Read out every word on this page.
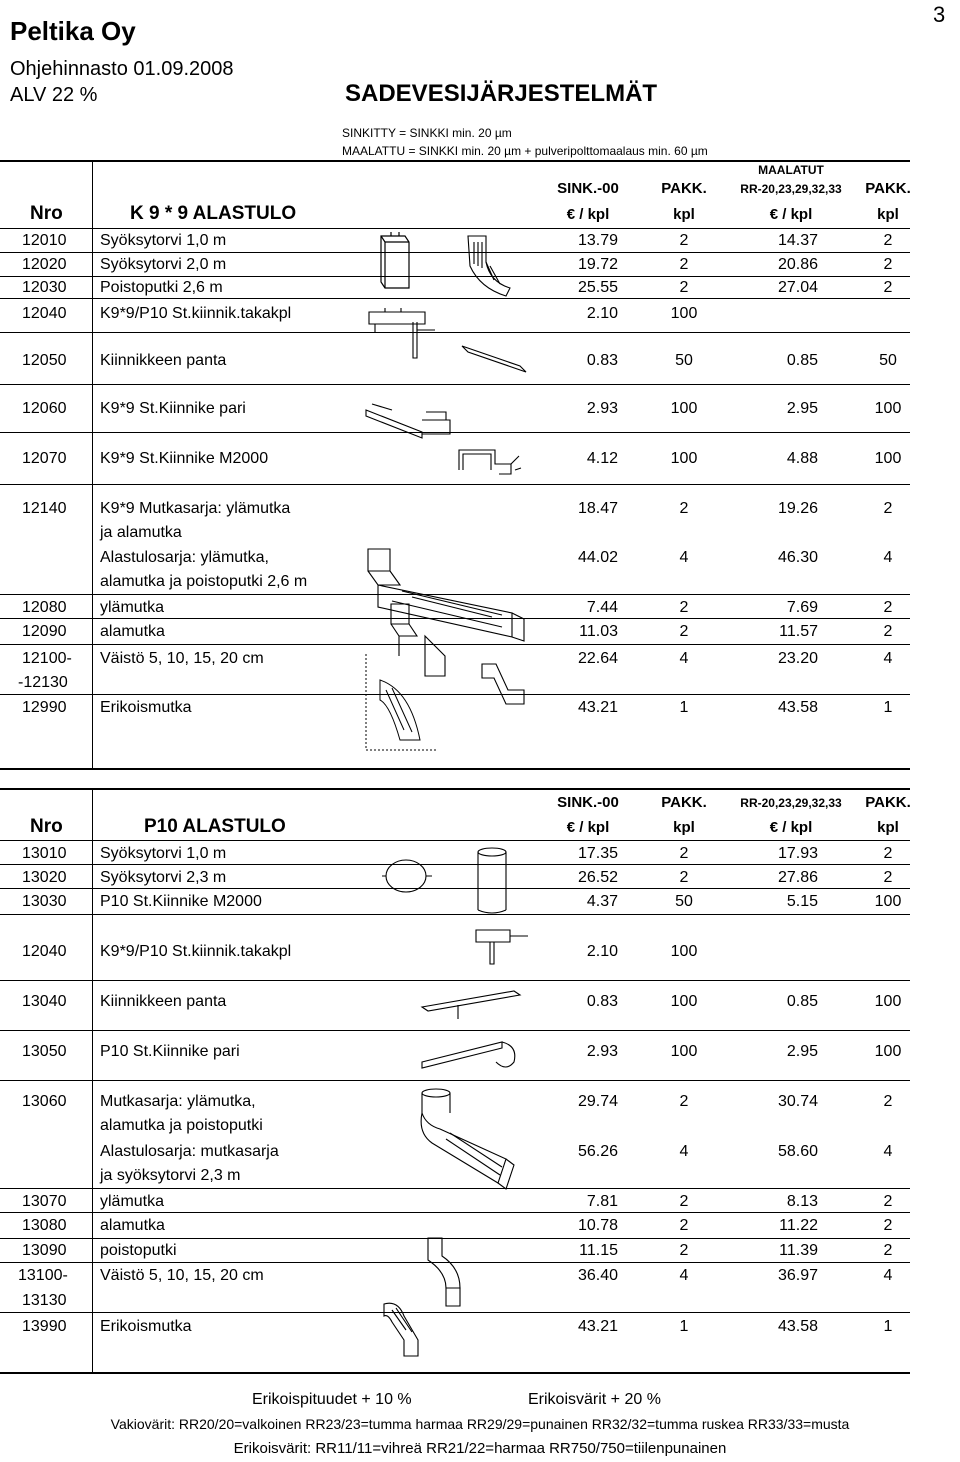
3
Peltika Oy
Ohjehinnasto 01.09.2008
ALV 22 %	SADEVESIJÄRJESTELMÄT
SINKITTY = SINKKI min. 20 µm
MAALATTU = SINKKI min. 20 µm + pulveripolttomaalaus min. 60 µm
SINK.-00	PAKK.
MAALATUT
RR-20,23,29,32,33	PAKK.
Nro	K 9 * 9 ALASTULO	€ / kpl	kpl	€ / kpl	kpl
12010 Syöksytorvi 1,0 m	13.79	2	14.37	2
12020 Syöksytorvi 2,0 m	19.72	2	20.86	2
12030 Poistoputki 2,6 m	25.55	2	27.04	2
12040 K9*9/P10 St.kiinnik.takakpl	2.10	100
12050 Kiinnikkeen panta	0.83	50	0.85	50
12060 K9*9 St.Kiinnike pari	2.93	100	2.95	100
12070 K9*9 St.Kiinnike M2000	4.12	100	4.88	100
12140 K9*9 Mutkasarja: ylämutka	18.47	2	19.26	2
ja alamutka
Alastulosarja: ylämutka,	44.02	4	46.30	4
alamutka ja poistoputki 2,6 m
12080 ylämutka	7.44	2	7.69	2
12090 alamutka	11.03	2	11.57	2
12100- Väistö 5, 10, 15, 20 cm	22.64	4	23.20	4
-12130
12990 Erikoismutka	43.21	1	43.58	1
SINK.-00	PAKK.	RR-20,23,29,32,33	PAKK.
Nro	P10 ALASTULO	€ / kpl	kpl	€ / kpl	kpl
13010 Syöksytorvi 1,0 m	17.35	2	17.93	2
13020 Syöksytorvi 2,3 m	26.52	2	27.86	2
13030 P10 St.Kiinnike M2000	4.37	50	5.15	100
12040 K9*9/P10 St.kiinnik.takakpl	2.10	100
13040 Kiinnikkeen panta	0.83	100	0.85	100
13050 P10 St.Kiinnike pari	2.93	100	2.95	100
13060 Mutkasarja: ylämutka,	29.74	2	30.74	2
alamutka ja poistoputki
Alastulosarja: mutkasarja	56.26	4	58.60	4
ja syöksytorvi 2,3 m
13070 ylämutka	7.81	2	8.13	2
13080 alamutka	10.78	2	11.22	2
13090 poistoputki	11.15	2	11.39	2
13100- Väistö 5, 10, 15, 20 cm	36.40	4	36.97	4
13130
13990 Erikoismutka	43.21	1	43.58	1
Erikoispituudet + 10 %	Erikoisvärit + 20 %
Vakiovärit: RR20/20=valkoinen RR23/23=tumma harmaa RR29/29=punainen RR32/32=tumma ruskea RR33/33=musta
Erikoisvärit: RR11/11=vihreä RR21/22=harmaa RR750/750=tiilenpunainen
